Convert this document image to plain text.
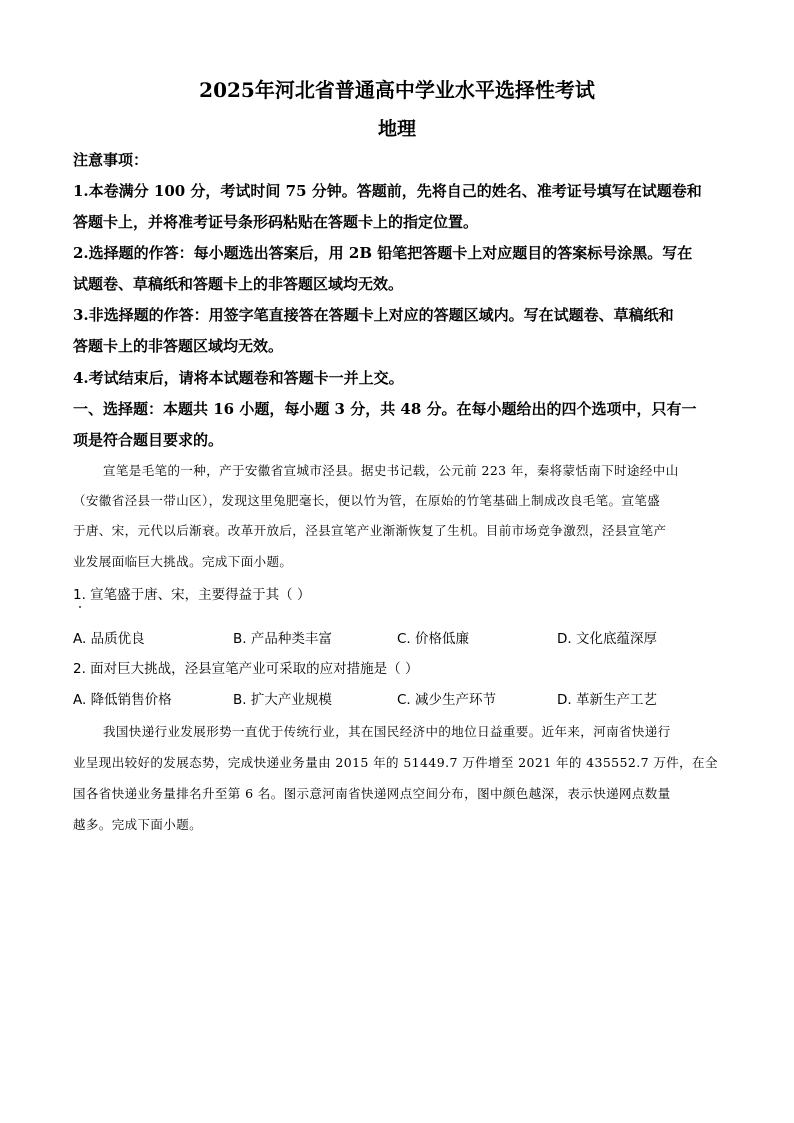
2025年河北省普通高中学业水平选择性考试
地理
注意事项：
1.本卷满分 100 分，考试时间 75 分钟。答题前，先将自己的姓名、准考证号填写在试题卷和
答题卡上，并将准考证号条形码粘贴在答题卡上的指定位置。
2.选择题的作答：每小题选出答案后，用 2B 铅笔把答题卡上对应题目的答案标号涂黑。写在
试题卷、草稿纸和答题卡上的非答题区域均无效。
3.非选择题的作答：用签字笔直接答在答题卡上对应的答题区域内。写在试题卷、草稿纸和
答题卡上的非答题区域均无效。
4.考试结束后，请将本试题卷和答题卡一并上交。
一、选择题：本题共 16 小题，每小题 3 分，共 48 分。在每小题给出的四个选项中，只有一
项是符合题目要求的。
宣笔是毛笔的一种，产于安徽省宣城市泾县。据史书记载，公元前 223 年，秦将蒙恬南下时途经中山
（安徽省泾县一带山区），发现这里兔肥毫长，便以竹为管，在原始的竹笔基础上制成改良毛笔。宣笔盛
于唐、宋，元代以后渐衰。改革开放后，泾县宣笔产业渐渐恢复了生机。目前市场竞争激烈，泾县宣笔产
业发展面临巨大挑战。完成下面小题。
1. 宣笔盛于唐、宋，主要得益于其（ ）
A. 品质优良	B. 产品种类丰富	C. 价格低廉	D. 文化底蕴深厚
2. 面对巨大挑战，泾县宣笔产业可采取的应对措施是（ ）
A. 降低销售价格	B. 扩大产业规模	C. 减少生产环节	D. 革新生产工艺
我国快递行业发展形势一直优于传统行业，其在国民经济中的地位日益重要。近年来，河南省快递行
业呈现出较好的发展态势，完成快递业务量由 2015 年的 51449.7 万件增至 2021 年的 435552.7 万件，在全
国各省快递业务量排名升至第 6 名。图示意河南省快递网点空间分布，图中颜色越深，表示快递网点数量
越多。完成下面小题。
